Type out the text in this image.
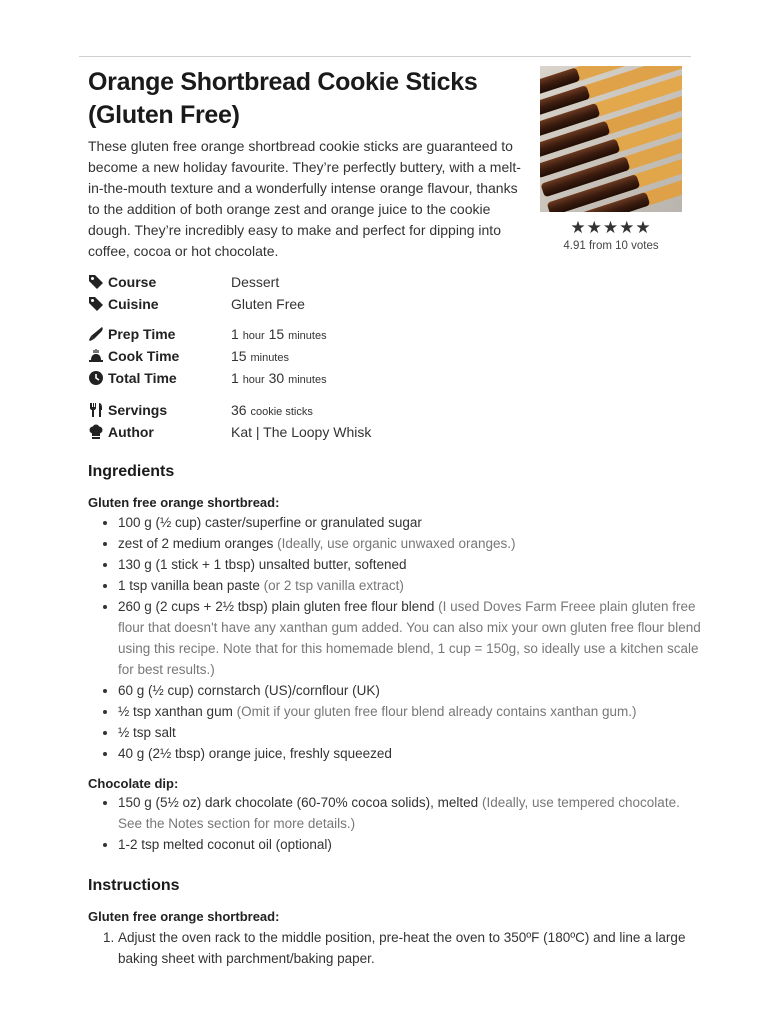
Orange Shortbread Cookie Sticks (Gluten Free)

These gluten free orange shortbread cookie sticks are guaranteed to become a new holiday favourite. They’re perfectly buttery, with a melt-in-the-mouth texture and a wonderfully intense orange flavour, thanks to the addition of both orange zest and orange juice to the cookie dough. They’re incredibly easy to make and perfect for dipping into coffee, cocoa or hot chocolate.

★★★★★
4.91 from 10 votes
Course	Dessert
Cuisine	Gluten Free
Prep Time	1 hour 15 minutes
Cook Time	15 minutes
Total Time	1 hour 30 minutes
Servings	36 cookie sticks
Author	Kat | The Loopy Whisk
Ingredients
Gluten free orange shortbread:
• 100 g (½ cup) caster/superfine or granulated sugar
• zest of 2 medium oranges (Ideally, use organic unwaxed oranges.)
• 130 g (1 stick + 1 tbsp) unsalted butter, softened
• 1 tsp vanilla bean paste (or 2 tsp vanilla extract)
• 260 g (2 cups + 2½ tbsp) plain gluten free flour blend (I used Doves Farm Freee plain gluten free flour that doesn't have any xanthan gum added. You can also mix your own gluten free flour blend using this recipe. Note that for this homemade blend, 1 cup = 150g, so ideally use a kitchen scale for best results.)
• 60 g (½ cup) cornstarch (US)/cornflour (UK)
• ½ tsp xanthan gum (Omit if your gluten free flour blend already contains xanthan gum.)
• ½ tsp salt
• 40 g (2½ tbsp) orange juice, freshly squeezed
Chocolate dip:
• 150 g (5½ oz) dark chocolate (60-70% cocoa solids), melted (Ideally, use tempered chocolate. See the Notes section for more details.)
• 1-2 tsp melted coconut oil (optional)
Instructions
Gluten free orange shortbread:
1. Adjust the oven rack to the middle position, pre-heat the oven to 350ºF (180ºC) and line a large baking sheet with parchment/baking paper.
